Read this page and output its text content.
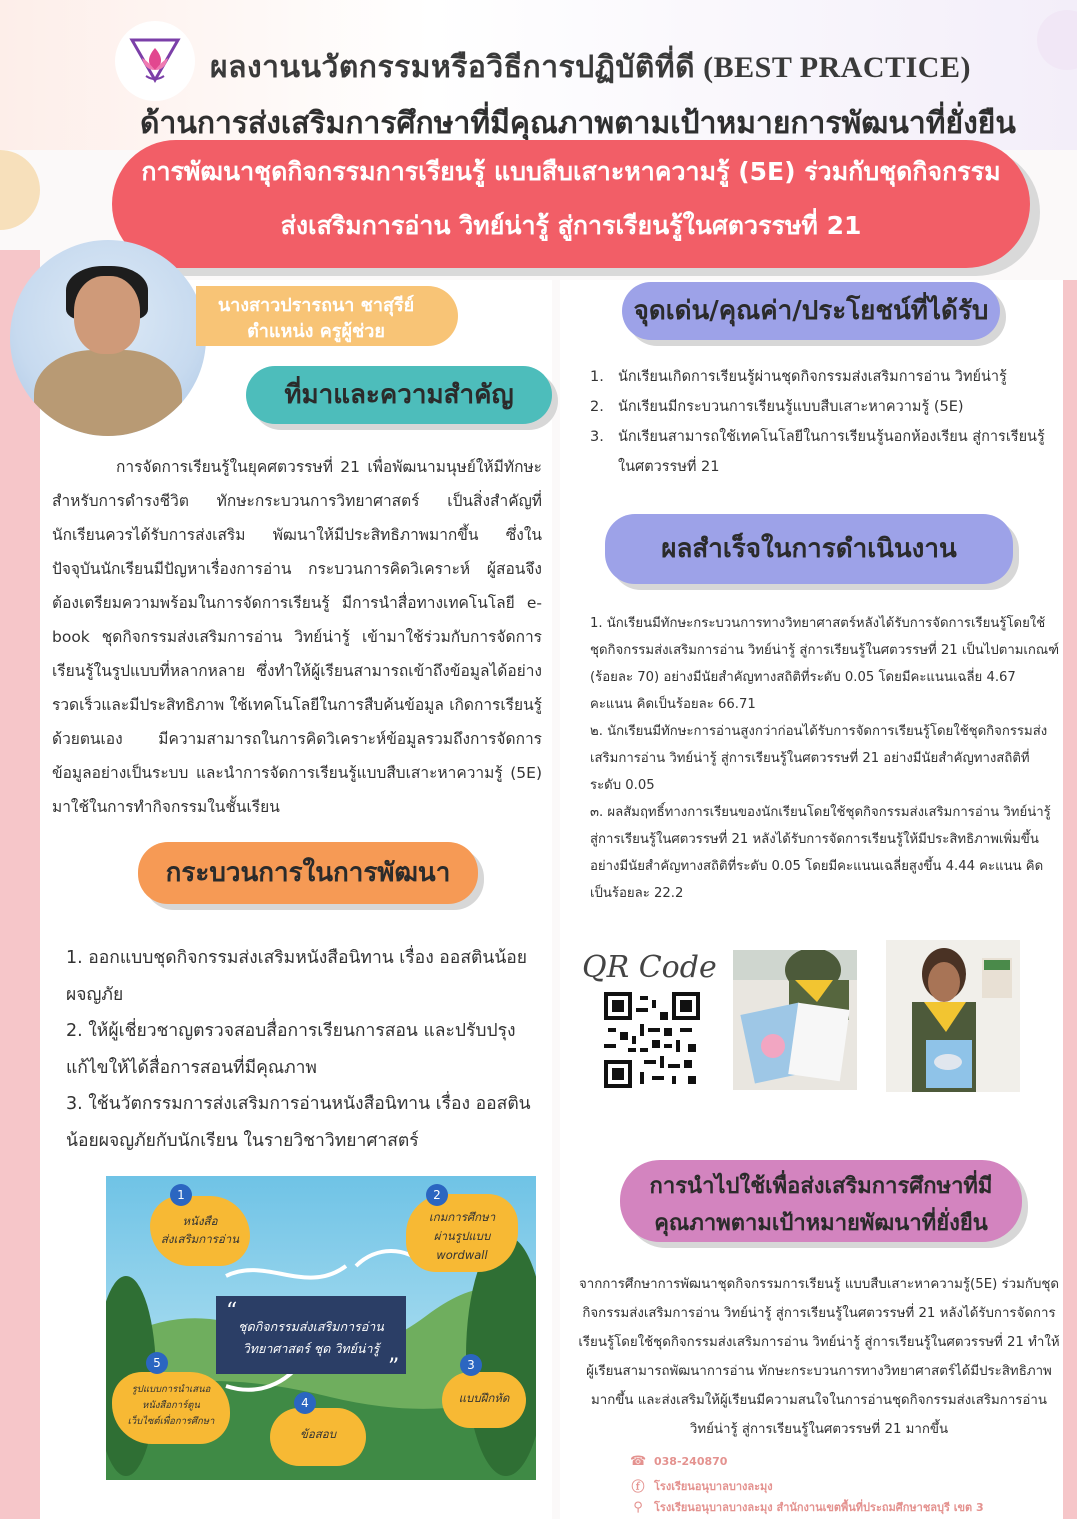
ผลงานนวัตกรรมหรือวิธีการปฏิบัติที่ดี (BEST PRACTICE)
ด้านการส่งเสริมการศึกษาที่มีคุณภาพตามเป้าหมายการพัฒนาที่ยั่งยืน
การพัฒนาชุดกิจกรรมการเรียนรู้ แบบสืบเสาะหาความรู้ (5E) ร่วมกับชุดกิจกรรม
ส่งเสริมการอ่าน วิทย์น่ารู้ สู่การเรียนรู้ในศตวรรษที่ 21
นางสาวปรารถนา ชาสุรีย์
ตำแหน่ง ครูผู้ช่วย
ที่มาและความสำคัญ
การจัดการเรียนรู้ในยุคศตวรรษที่ 21 เพื่อพัฒนามนุษย์ให้มีทักษะสำหรับการดำรงชีวิต ทักษะกระบวนการวิทยาศาสตร์ เป็นสิ่งสำคัญที่นักเรียนควรได้รับการส่งเสริม พัฒนาให้มีประสิทธิภาพมากขึ้น ซึ่งในปัจจุบันนักเรียนมีปัญหาเรื่องการอ่าน กระบวนการคิดวิเคราะห์ ผู้สอนจึงต้องเตรียมความพร้อมในการจัดการเรียนรู้ มีการนำสื่อทางเทคโนโลยี e-book ชุดกิจกรรมส่งเสริมการอ่าน วิทย์น่ารู้ เข้ามาใช้ร่วมกับการจัดการเรียนรู้ในรูปแบบที่หลากหลาย ซึ่งทำให้ผู้เรียนสามารถเข้าถึงข้อมูลได้อย่างรวดเร็วและมีประสิทธิภาพ ใช้เทคโนโลยีในการสืบค้นข้อมูล เกิดการเรียนรู้ด้วยตนเอง มีความสามารถในการคิดวิเคราะห์ข้อมูลรวมถึงการจัดการข้อมูลอย่างเป็นระบบ และนำการจัดการเรียนรู้แบบสืบเสาะหาความรู้ (5E) มาใช้ในการทำกิจกรรมในชั้นเรียน
กระบวนการในการพัฒนา
1. ออกแบบชุดกิจกรรมส่งเสริมหนังสือนิทาน เรื่อง ออสตินน้อยผจญภัย
2. ให้ผู้เชี่ยวชาญตรวจสอบสื่อการเรียนการสอน และปรับปรุงแก้ไขให้ได้สื่อการสอนที่มีคุณภาพ
3. ใช้นวัตกรรมการส่งเสริมการอ่านหนังสือนิทาน เรื่อง ออสตินน้อยผจญภัยกับนักเรียน ในรายวิชาวิทยาศาสตร์
“
”
ชุดกิจกรรมส่งเสริมการอ่าน
วิทยาศาสตร์ ชุด วิทย์น่ารู้
1
หนังสือ
ส่งเสริมการอ่าน
2
เกมการศึกษา
ผ่านรูปแบบ
wordwall
3
แบบฝึกหัด
4
ข้อสอบ
5
รูปแบบการนำเสนอ
หนังสือการ์ตูน
เว็บไซต์เพื่อการศึกษา
จุดเด่น/คุณค่า/ประโยชน์ที่ได้รับ
1. นักเรียนเกิดการเรียนรู้ผ่านชุดกิจกรรมส่งเสริมการอ่าน วิทย์น่ารู้
2. นักเรียนมีกระบวนการเรียนรู้แบบสืบเสาะหาความรู้ (5E)
3. นักเรียนสามารถใช้เทคโนโลยีในการเรียนรู้นอกห้องเรียน สู่การเรียนรู้ในศตวรรษที่ 21
ผลสำเร็จในการดำเนินงาน
1. นักเรียนมีทักษะกระบวนการทางวิทยาศาสตร์หลังได้รับการจัดการเรียนรู้โดยใช้ชุดกิจกรรมส่งเสริมการอ่าน วิทย์น่ารู้ สู่การเรียนรู้ในศตวรรษที่ 21 เป็นไปตามเกณฑ์ (ร้อยละ 70) อย่างมีนัยสำคัญทางสถิติที่ระดับ 0.05 โดยมีคะแนนเฉลี่ย 4.67 คะแนน คิดเป็นร้อยละ 66.71
๒. นักเรียนมีทักษะการอ่านสูงกว่าก่อนได้รับการจัดการเรียนรู้โดยใช้ชุดกิจกรรมส่งเสริมการอ่าน วิทย์น่ารู้ สู่การเรียนรู้ในศตวรรษที่ 21 อย่างมีนัยสำคัญทางสถิติที่ระดับ 0.05
๓. ผลสัมฤทธิ์ทางการเรียนของนักเรียนโดยใช้ชุดกิจกรรมส่งเสริมการอ่าน วิทย์น่ารู้ สู่การเรียนรู้ในศตวรรษที่ 21 หลังได้รับการจัดการเรียนรู้ให้มีประสิทธิภาพเพิ่มขึ้นอย่างมีนัยสำคัญทางสถิติที่ระดับ 0.05 โดยมีคะแนนเฉลี่ยสูงขึ้น 4.44 คะแนน คิดเป็นร้อยละ 22.2
QR Code
การนำไปใช้เพื่อส่งเสริมการศึกษาที่มี
คุณภาพตามเป้าหมายพัฒนาที่ยั่งยืน
จากการศึกษาการพัฒนาชุดกิจกรรมการเรียนรู้ แบบสืบเสาะหาความรู้(5E) ร่วมกับชุดกิจกรรมส่งเสริมการอ่าน วิทย์น่ารู้ สู่การเรียนรู้ในศตวรรษที่ 21 หลังได้รับการจัดการเรียนรู้โดยใช้ชุดกิจกรรมส่งเสริมการอ่าน วิทย์น่ารู้ สู่การเรียนรู้ในศตวรรษที่ 21 ทำให้ผู้เรียนสามารถพัฒนาการอ่าน ทักษะกระบวนการทางวิทยาศาสตร์ได้มีประสิทธิภาพมากขึ้น และส่งเสริมให้ผู้เรียนมีความสนใจในการอ่านชุดกิจกรรมส่งเสริมการอ่าน วิทย์น่ารู้ สู่การเรียนรู้ในศตวรรษที่ 21 มากขึ้น
☎ 038-240870
ⓕ โรงเรียนอนุบาลบางละมุง
⚲ โรงเรียนอนุบาลบางละมุง สำนักงานเขตพื้นที่ประถมศึกษาชลบุรี เขต 3
